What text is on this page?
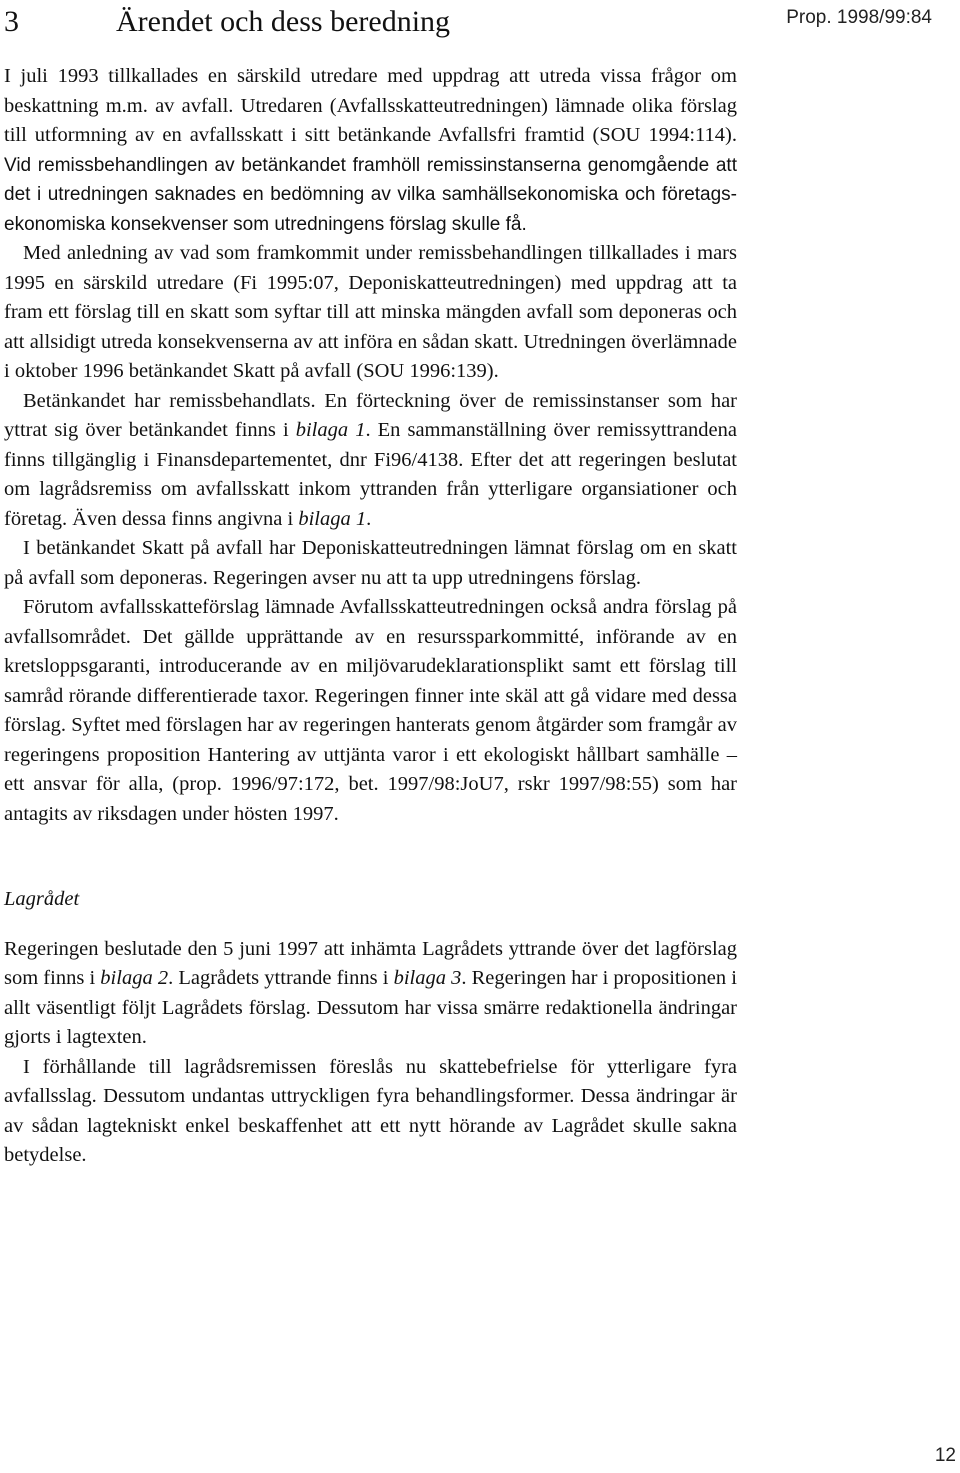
3	Ärendet och dess beredning	Prop. 1998/99:84

I juli 1993 tillkallades en särskild utredare med uppdrag att utreda vissa frågor om beskattning m.m. av avfall. Utredaren (Avfallsskatteutredningen) lämnade olika förslag till utformning av en avfallsskatt i sitt betänkande Avfallsfri framtid (SOU 1994:114). Vid remissbehandlingen av betänkandet framhöll remissinstanserna genomgående att det i utredningen saknades en bedömning av vilka samhällsekonomiska och företagsekonomiska konsekvenser som utredningens förslag skulle få.

Med anledning av vad som framkommit under remissbehandlingen tillkallades i mars 1995 en särskild utredare (Fi 1995:07, Deponiskatteutredningen) med uppdrag att ta fram ett förslag till en skatt som syftar till att minska mängden avfall som deponeras och att allsidigt utreda konsekvenserna av att införa en sådan skatt. Utredningen överlämnade i oktober 1996 betänkandet Skatt på avfall (SOU 1996:139).

Betänkandet har remissbehandlats. En förteckning över de remissinstanser som har yttrat sig över betänkandet finns i bilaga 1. En sammanställning över remissyttrandena finns tillgänglig i Finansdepartementet, dnr Fi96/4138. Efter det att regeringen beslutat om lagrådsremiss om avfallsskatt inkom yttranden från ytterligare organsiationer och företag. Även dessa finns angivna i bilaga 1.

I betänkandet Skatt på avfall har Deponiskatteutredningen lämnat förslag om en skatt på avfall som deponeras. Regeringen avser nu att ta upp utredningens förslag.

Förutom avfallsskatteförslag lämnade Avfallsskatteutredningen också andra förslag på avfallsområdet. Det gällde upprättande av en resurssparkommitté, införande av en kretsloppsgaranti, introducerande av en miljövarudeklarationsplikt samt ett förslag till samråd rörande differentierade taxor. Regeringen finner inte skäl att gå vidare med dessa förslag. Syftet med förslagen har av regeringen hanterats genom åtgärder som framgår av regeringens proposition Hantering av uttjänta varor i ett ekologiskt hållbart samhälle – ett ansvar för alla, (prop. 1996/97:172, bet. 1997/98:JoU7, rskr 1997/98:55) som har antagits av riksdagen under hösten 1997.

Lagrådet

Regeringen beslutade den 5 juni 1997 att inhämta Lagrådets yttrande över det lagförslag som finns i bilaga 2. Lagrådets yttrande finns i bilaga 3. Regeringen har i propositionen i allt väsentligt följt Lagrådets förslag. Dessutom har vissa smärre redaktionella ändringar gjorts i lagtexten.

I förhållande till lagrådsremissen föreslås nu skattebefrielse för ytterligare fyra avfallsslag. Dessutom undantas uttryckligen fyra behandlingsformer. Dessa ändringar är av sådan lagtekniskt enkel beskaffenhet att ett nytt hörande av Lagrådet skulle sakna betydelse.

12
